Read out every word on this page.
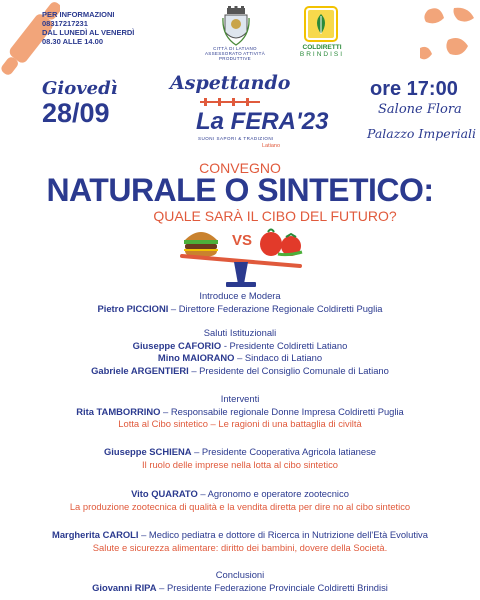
PER INFORMAZIONI
08317217231
DAL LUNEDÌ AL VENERDÌ
08.30 ALLE 14.00
CITTÀ DI LATIANO
ASSESSORATO ATTIVITÀ PRODUTTIVE
COLDIRETTI
BRINDISI
Giovedì
28/09
Aspettando
La FERA'23
SUONI SAPORI & TRADIZIONI
Latiano
ore 17:00
Salone Flora
Palazzo Imperiali
CONVEGNO
NATURALE O SINTETICO:
QUALE SARÀ IL CIBO DEL FUTURO?
VS
Introduce e Modera
Pietro PICCIONI – Direttore Federazione Regionale Coldiretti Puglia
Saluti Istituzionali
Giuseppe CAFORIO - Presidente Coldiretti Latiano
Mino MAIORANO – Sindaco di Latiano
Gabriele ARGENTIERI – Presidente del Consiglio Comunale di Latiano
Interventi
Rita TAMBORRINO – Responsabile regionale Donne Impresa Coldiretti Puglia
Lotta al Cibo sintetico – Le ragioni di una battaglia di civiltà
Giuseppe SCHIENA – Presidente Cooperativa Agricola latianese
Il ruolo delle imprese nella lotta al cibo sintetico
Vito QUARATO – Agronomo e operatore zootecnico
La produzione zootecnica di qualità e la vendita diretta per dire no al cibo sintetico
Margherita CAROLI – Medico pediatra e dottore di Ricerca in Nutrizione dell'Età Evolutiva
Salute e sicurezza alimentare: diritto dei bambini, dovere della Società.
Conclusioni
Giovanni RIPA – Presidente Federazione Provinciale Coldiretti Brindisi
